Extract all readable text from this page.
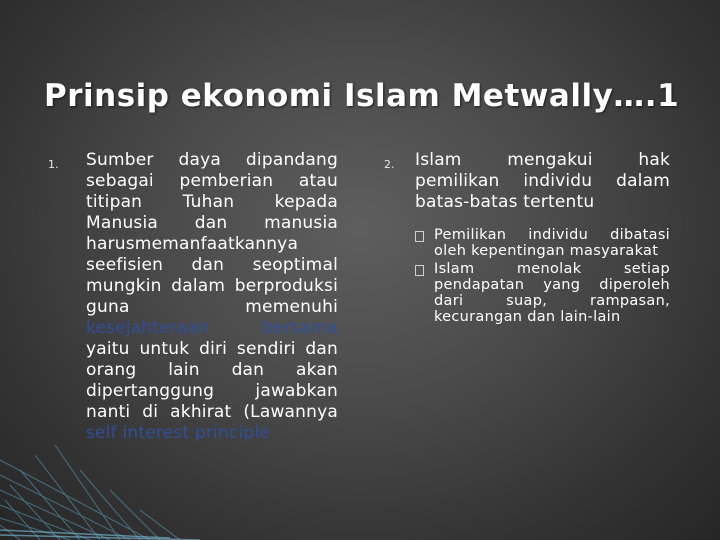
Prinsip ekonomi Islam Metwally….1
1. Sumber daya dipandang sebagai pemberian atau titipan Tuhan kepada Manusia dan manusia harusmemanfaatkannya seefisien dan seoptimal mungkin dalam berproduksi guna memenuhi kesejahteraan bersama yaitu untuk diri sendiri dan orang lain dan akan dipertanggung jawabkan nanti di akhirat (Lawannya self interest principle

2. Islam mengakui hak pemilikan individu dalam batas-batas tertentu

Pemilikan individu dibatasi oleh kepentingan masyarakat
Islam menolak setiap pendapatan yang diperoleh dari suap, rampasan, kecurangan dan lain-lain
